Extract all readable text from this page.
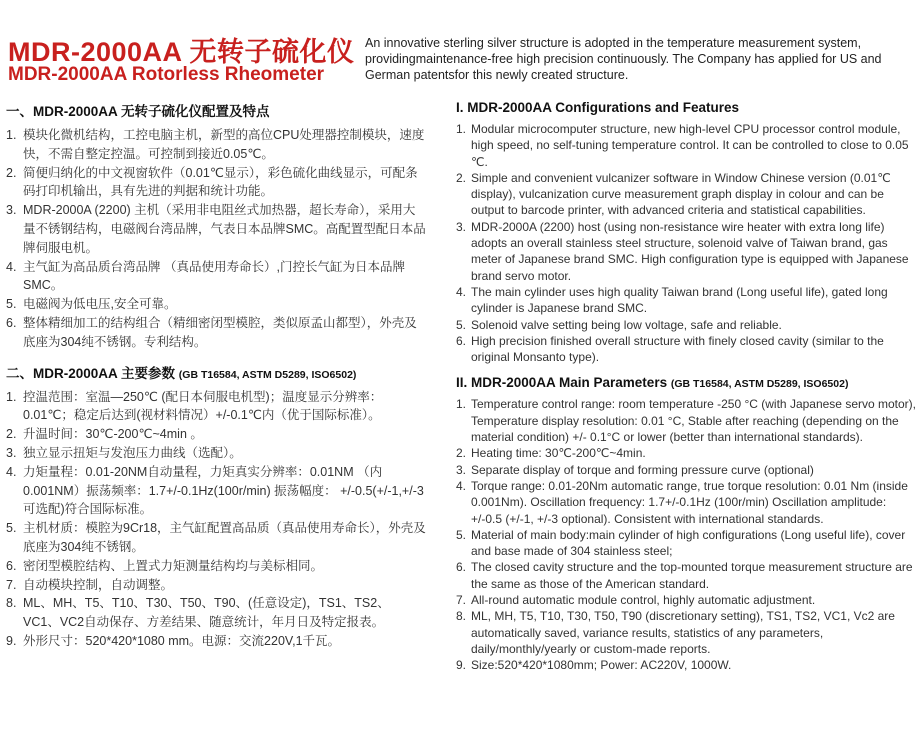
MDR-2000AA 无转子硫化仪
MDR-2000AA Rotorless Rheometer

An innovative sterling silver structure is adopted in the temperature measurement system, providingmaintenance-free high precision continuously. The Company has applied for US and German patentsfor this newly created structure.

一、MDR-2000AA 无转子硫化仪配置及特点
1. 模块化微机结构，工控电脑主机，新型的高位CPU处理器控制模块，速度快，不需自整定控温。可控制到接近0.05℃。
2. 简便归纳化的中文视窗软件（0.01℃显示），彩色硫化曲线显示，可配条码打印机输出，具有先进的判据和统计功能。
3. MDR-2000A (2200) 主机（采用非电阻丝式加热器，超长寿命），采用大量不锈钢结构，电磁阀台湾品牌，气表日本品牌SMC。高配置型配日本品牌伺服电机。
4. 主气缸为高品质台湾品牌 （真品使用寿命长）,门控长气缸为日本品牌SMC。
5. 电磁阀为低电压,安全可靠。
6. 整体精细加工的结构组合（精细密闭型模腔，类似原孟山都型），外壳及底座为304纯不锈钢。专利结构。
二、MDR-2000AA 主要参数 (GB T16584, ASTM D5289, ISO6502)
1. 控温范围：室温—250℃ (配日本伺服电机型)；温度显示分辨率：0.01℃；稳定后达到(视材料情况）+/-0.1℃内（优于国际标准）。
2. 升温时间：30℃-200℃~4min 。
3. 独立显示扭矩与发泡压力曲线（选配）。
4. 力矩量程：0.01-20NM自动量程，力矩真实分辨率：0.01NM （内0.001NM）振荡频率：1.7+/-0.1Hz(100r/min) 振荡幅度： +/-0.5(+/-1,+/-3可选配)符合国际标准。
5. 主机材质：模腔为9Cr18，主气缸配置高品质（真品使用寿命长），外壳及底座为304纯不锈钢。
6. 密闭型模腔结构、上置式力矩测量结构均与美标相同。
7. 自动模块控制，自动调整。
8. ML、MH、T5、T10、T30、T50、T90、(任意设定)，TS1、TS2、VC1、VC2自动保存、方差结果、随意统计，年月日及特定报表。
9. 外形尺寸：520*420*1080 mm。电源：交流220V,1千瓦。
I. MDR-2000AA Configurations and Features
1. Modular microcomputer structure, new high-level CPU processor control module, high speed, no self-tuning temperature control. It can be controlled to close to 0.05 ℃.
2. Simple and convenient vulcanizer software in Window Chinese version (0.01℃ display), vulcanization curve measurement graph display in colour and can be output to barcode printer, with advanced criteria and statistical capabilities.
3. MDR-2000A (2200) host (using non-resistance wire heater with extra long life) adopts an overall stainless steel structure, solenoid valve of Taiwan brand, gas meter of Japanese brand SMC. High configuration type is equipped with Japanese brand servo motor.
4. The main cylinder uses high quality Taiwan brand (Long useful life), gated long cylinder is Japanese brand SMC.
5. Solenoid valve setting being low voltage, safe and reliable.
6. High precision finished overall structure with finely closed cavity (similar to the original Monsanto type).
II. MDR-2000AA Main Parameters (GB T16584, ASTM D5289, ISO6502)
1. Temperature control range: room temperature -250 °C (with Japanese servo motor), Temperature display resolution: 0.01 °C, Stable after reaching (depending on the material condition) +/- 0.1°C or lower (better than international standards).
2. Heating time: 30℃-200℃~4min.
3. Separate display of torque and forming pressure curve (optional)
4. Torque range: 0.01-20Nm automatic range, true torque resolution: 0.01 Nm (inside 0.001Nm). Oscillation frequency: 1.7+/-0.1Hz (100r/min) Oscillation amplitude: +/-0.5 (+/-1, +/-3 optional). Consistent with international standards.
5. Material of main body:main cylinder of high configurations (Long useful life), cover and base made of 304 stainless steel;
6. The closed cavity structure and the top-mounted torque measurement structure are the same as those of the American standard.
7. All-round automatic module control, highly automatic adjustment.
8. ML, MH, T5, T10, T30, T50, T90 (discretionary setting), TS1, TS2, VC1, Vc2 are automatically saved, variance results, statistics of any parameters, daily/monthly/yearly or custom-made reports.
9. Size:520*420*1080mm; Power: AC220V, 1000W.
